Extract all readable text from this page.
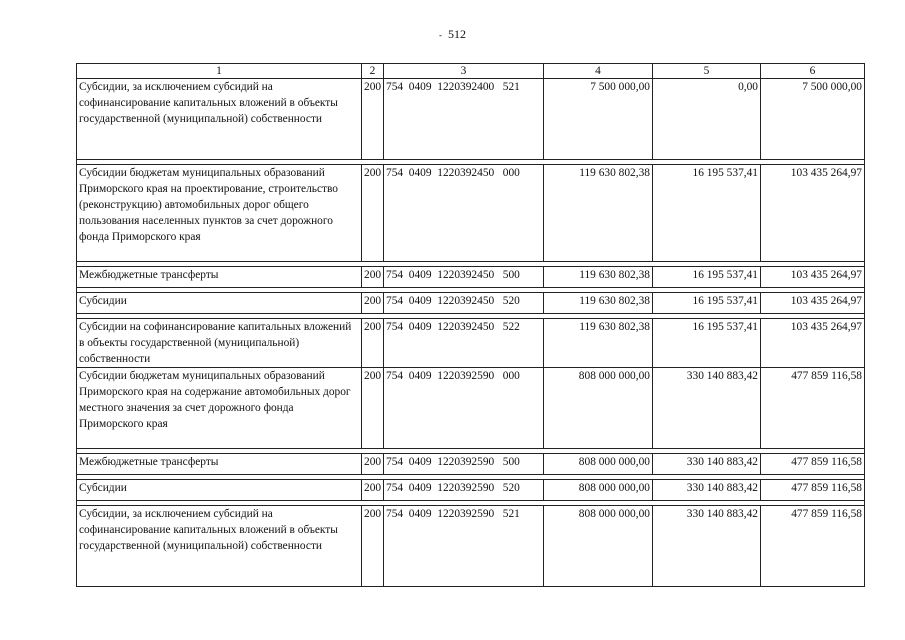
- 512
1	2	3	4	5	6
Субсидии, за исключением субсидий на софинансирование капитальных вложений в объекты государственной (муниципальной) собственности	200	754  0409  1220392400   521	7 500 000,00	0,00	7 500 000,00

Субсидии бюджетам муниципальных образований Приморского края на проектирование, строительство (реконструкцию) автомобильных дорог общего пользования населенных пунктов за счет дорожного фонда Приморского края	200	754  0409  1220392450   000	119 630 802,38	16 195 537,41	103 435 264,97

Межбюджетные трансферты	200	754  0409  1220392450   500	119 630 802,38	16 195 537,41	103 435 264,97

Субсидии	200	754  0409  1220392450   520	119 630 802,38	16 195 537,41	103 435 264,97

Субсидии на софинансирование капитальных вложений в объекты государственной (муниципальной) собственности	200	754  0409  1220392450   522	119 630 802,38	16 195 537,41	103 435 264,97
Субсидии бюджетам муниципальных образований Приморского края на содержание автомобильных дорог местного значения за счет дорожного фонда Приморского края	200	754  0409  1220392590   000	808 000 000,00	330 140 883,42	477 859 116,58

Межбюджетные трансферты	200	754  0409  1220392590   500	808 000 000,00	330 140 883,42	477 859 116,58

Субсидии	200	754  0409  1220392590   520	808 000 000,00	330 140 883,42	477 859 116,58

Субсидии, за исключением субсидий на софинансирование капитальных вложений в объекты государственной (муниципальной) собственности	200	754  0409  1220392590   521	808 000 000,00	330 140 883,42	477 859 116,58
